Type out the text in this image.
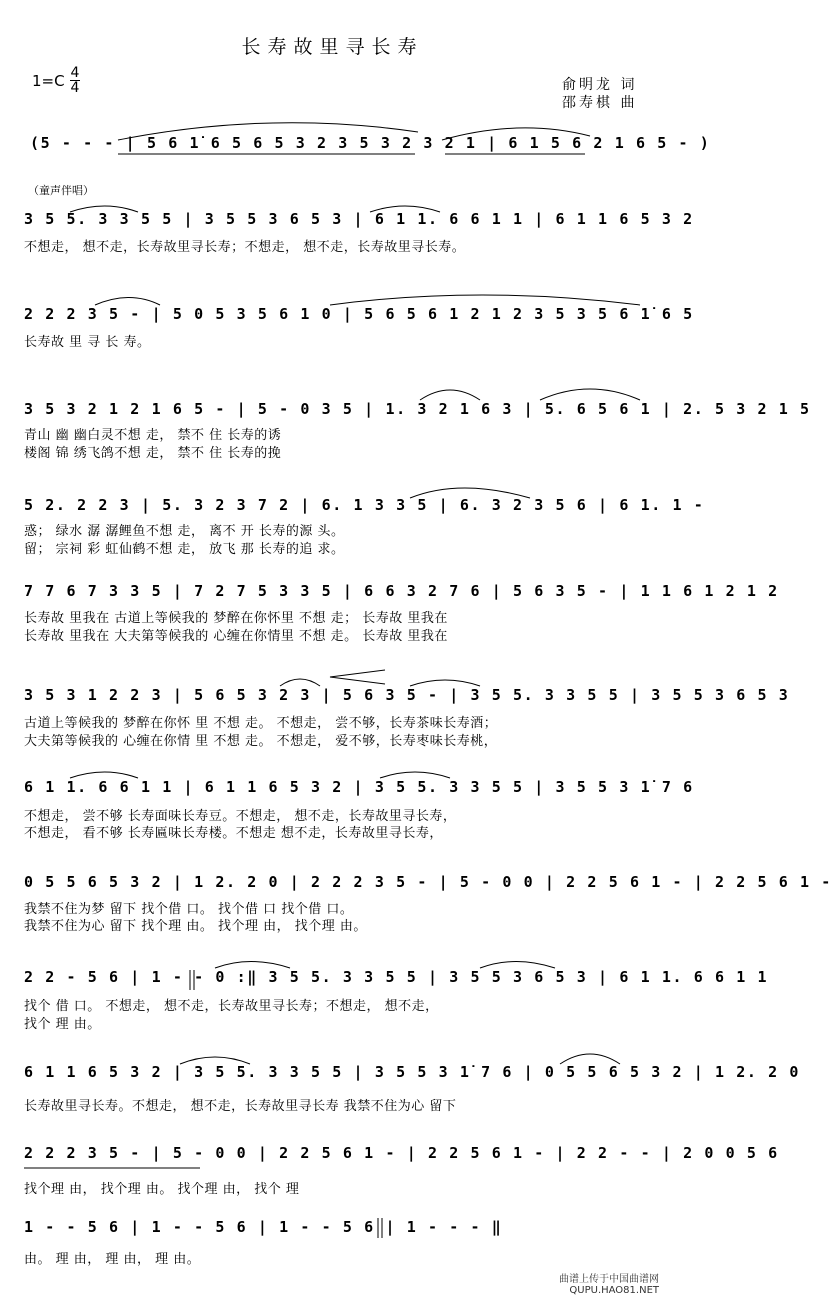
长寿故里寻长寿
1=C 4
4	俞明龙 词
邵寿棋 曲
（童声伴唱）
(5 - - - | 5 6 1̇ 6 5 6 5 3 2 3 5 3 2 3 2 1 | 6 1 5 6 2 1 6 5 - )
3 5 5. 3 3 5 5 | 3 5 5 3 6 5 3 | 6 1 1. 6 6 1 1 | 6 1 1 6 5 3 2
不想走， 想不走，长寿故里寻长寿；不想走， 想不走，长寿故里寻长寿。
2 2 2 3 5 - | 5 0 5 3 5 6 1 0 | 5 6 5 6 1 2 1 2 3 5 3 5 6 1̇ 6 5
长寿故 里 寻 长 寿。
3 5 3 2 1 2 1 6 5 - | 5 - 0 3 5 | 1. 3 2 1 6 3 | 5. 6 5 6 1 | 2. 5 3 2 1 5
青山 幽 幽白灵不想 走， 禁不 住 长寿的诱
楼阁 锦 绣飞鸽不想 走， 禁不 住 长寿的挽
5 2. 2 2 3 | 5. 3 2 3 7 2 | 6. 1 3 3 5 | 6. 3 2 3 5 6 | 6 1. 1 -
惑； 绿水 潺 潺鲤鱼不想 走， 离不 开 长寿的源 头。
留； 宗祠 彩 虹仙鹤不想 走， 放飞 那 长寿的追 求。
7 7 6 7 3 3 5 | 7 2 7 5 3 3 5 | 6 6 3 2 7 6 | 5 6 3 5 - | 1 1 6 1 2 1 2
长寿故 里我在 古道上等候我的 梦醉在你怀里 不想 走； 长寿故 里我在
长寿故 里我在 大夫第等候我的 心缠在你情里 不想 走。 长寿故 里我在
3 5 3 1 2 2 3 | 5 6 5 3 2 3 | 5 6 3 5 - | 3 5 5. 3 3 5 5 | 3 5 5 3 6 5 3
古道上等候我的 梦醉在你怀 里 不想 走。 不想走， 尝不够，长寿茶味长寿酒；
大夫第等候我的 心缠在你情 里 不想 走。 不想走， 爱不够，长寿枣味长寿桃，
6 1 1. 6 6 1 1 | 6 1 1 6 5 3 2 | 3 5 5. 3 3 5 5 | 3 5 5 3 1̇ 7 6
不想走， 尝不够 长寿面味长寿豆。不想走， 想不走，长寿故里寻长寿，
不想走， 看不够 长寿匾味长寿楼。不想走 想不走，长寿故里寻长寿，
0 5 5 6 5 3 2 | 1 2. 2 0 | 2 2 2 3 5 - | 5 - 0 0 | 2 2 5 6 1 - | 2 2 5 6 1 -
我禁不住为梦 留下 找个借 口。 找个借 口 找个借 口。
我禁不住为心 留下 找个理 由。 找个理 由， 找个理 由。
2 2 - 5 6 | 1 - - 0 :‖ 3 5 5. 3 3 5 5 | 3 5 5 3 6 5 3 | 6 1 1. 6 6 1 1
找个 借 口。 不想走， 想不走，长寿故里寻长寿；不想走， 想不走，
找个 理 由。
6 1 1 6 5 3 2 | 3 5 5. 3 3 5 5 | 3 5 5 3 1̇ 7 6 | 0 5 5 6 5 3 2 | 1 2. 2 0
长寿故里寻长寿。不想走， 想不走，长寿故里寻长寿 我禁不住为心 留下
2 2 2 3 5 - | 5 - 0 0 | 2 2 5 6 1 - | 2 2 5 6 1 - | 2 2 - - | 2 0 0 5 6
找个理 由， 找个理 由。 找个理 由， 找个 理
1 - - 5 6 | 1 - - 5 6 | 1 - - 5 6 | 1 - - - ‖
由。 理 由， 理 由， 理 由。
曲谱上传于中国曲谱网
QUPU.HAO81.NET
